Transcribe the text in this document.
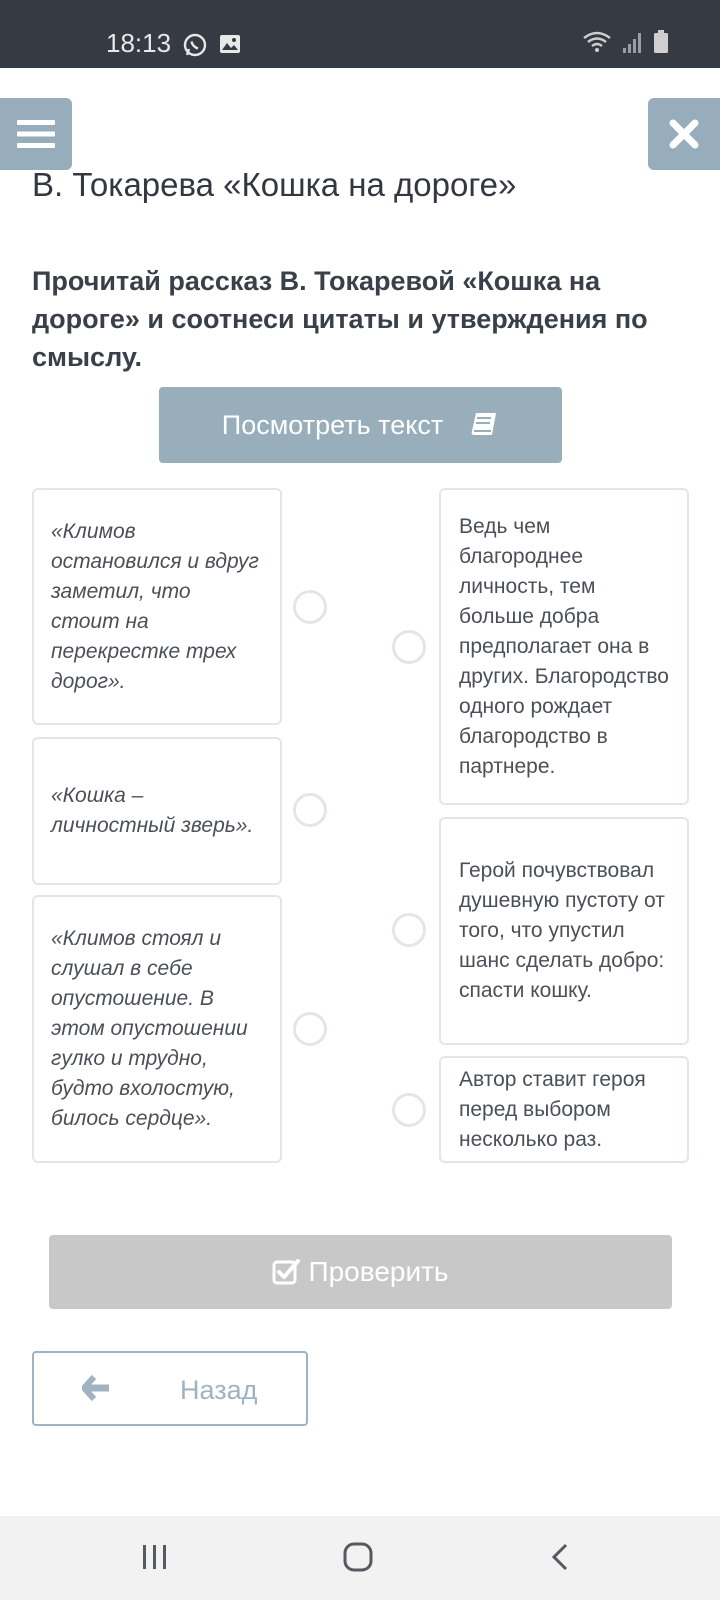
18:13
В. Токарева «Кошка на дороге»

Прочитай рассказ В. Токаревой «Кошка на дороге» и соотнеси цитаты и утверждения по смыслу.

Посмотреть текст
«Климов остановился и вдруг заметил, что стоит на перекрестке трех дорог».
«Кошка – личностный зверь».
«Климов стоял и слушал в себе опустошение. В этом опустошении гулко и трудно, будто вхолостую, билось сердце».
Ведь чем благороднее личность, тем больше добра предполагает она в других. Благородство одного рождает благородство в партнере.
Герой почувствовал душевную пустоту от того, что упустил шанс сделать добро: спасти кошку.
Автор ставит героя перед выбором несколько раз.
Проверить
Назад
